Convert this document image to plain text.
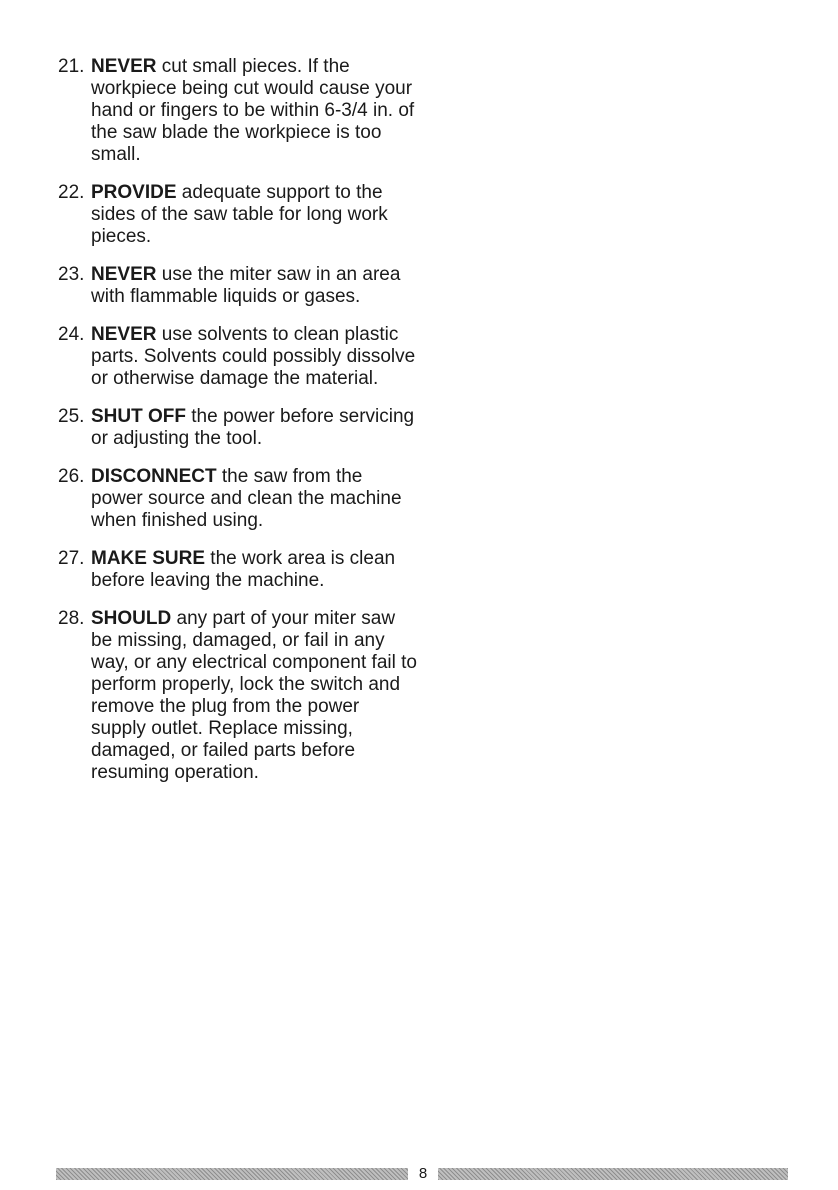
21. NEVER cut small pieces. If the workpiece being cut would cause your hand or fingers to be within 6-3/4 in. of the saw blade the workpiece is too small.
22. PROVIDE adequate support to the sides of the saw table for long work pieces.
23. NEVER use the miter saw in an area with flammable liquids or gases.
24. NEVER use solvents to clean plastic parts. Solvents could possibly dissolve or otherwise damage the material.
25. SHUT OFF the power before servicing or adjusting the tool.
26. DISCONNECT the saw from the power source and clean the machine when finished using.
27. MAKE SURE the work area is clean before leaving the machine.
28. SHOULD any part of your miter saw be missing, damaged, or fail in any way, or any electrical component fail to perform properly, lock the switch and remove the plug from the power supply outlet. Replace missing, damaged, or failed parts before resuming operation.
8
